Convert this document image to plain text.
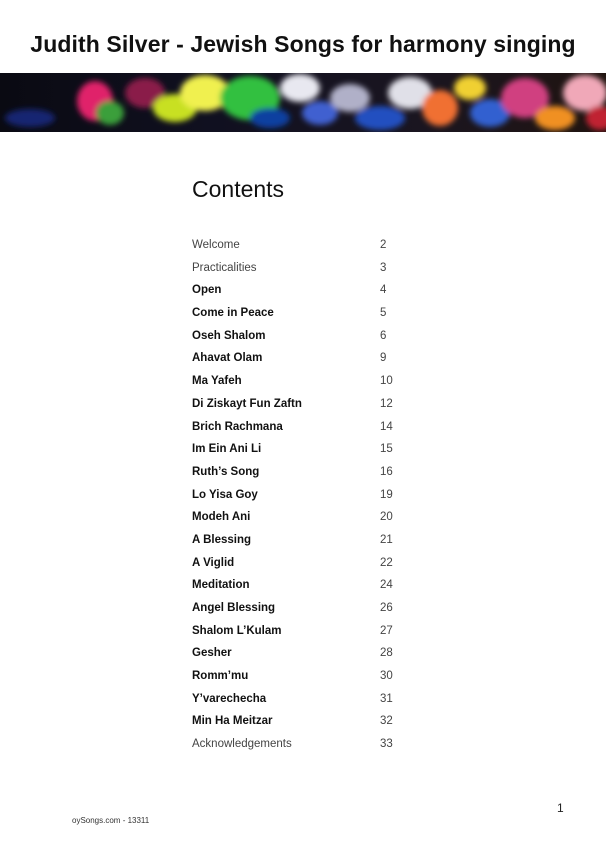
Judith Silver - Jewish Songs for harmony singing
Contents
Welcome	2
Practicalities	3
Open	4
Come in Peace	5
Oseh Shalom	6
Ahavat Olam	9
Ma Yafeh	10
Di Ziskayt Fun Zaftn	12
Brich Rachmana	14
Im Ein Ani Li	15
Ruth’s Song	16
Lo Yisa Goy	19
Modeh Ani	20
A Blessing	21
A Viglid	22
Meditation	24
Angel Blessing	26
Shalom L’Kulam	27
Gesher	28
Romm’mu	30
Y’varechecha	31
Min Ha Meitzar	32
Acknowledgements	33
1
oySongs.com - 13311
